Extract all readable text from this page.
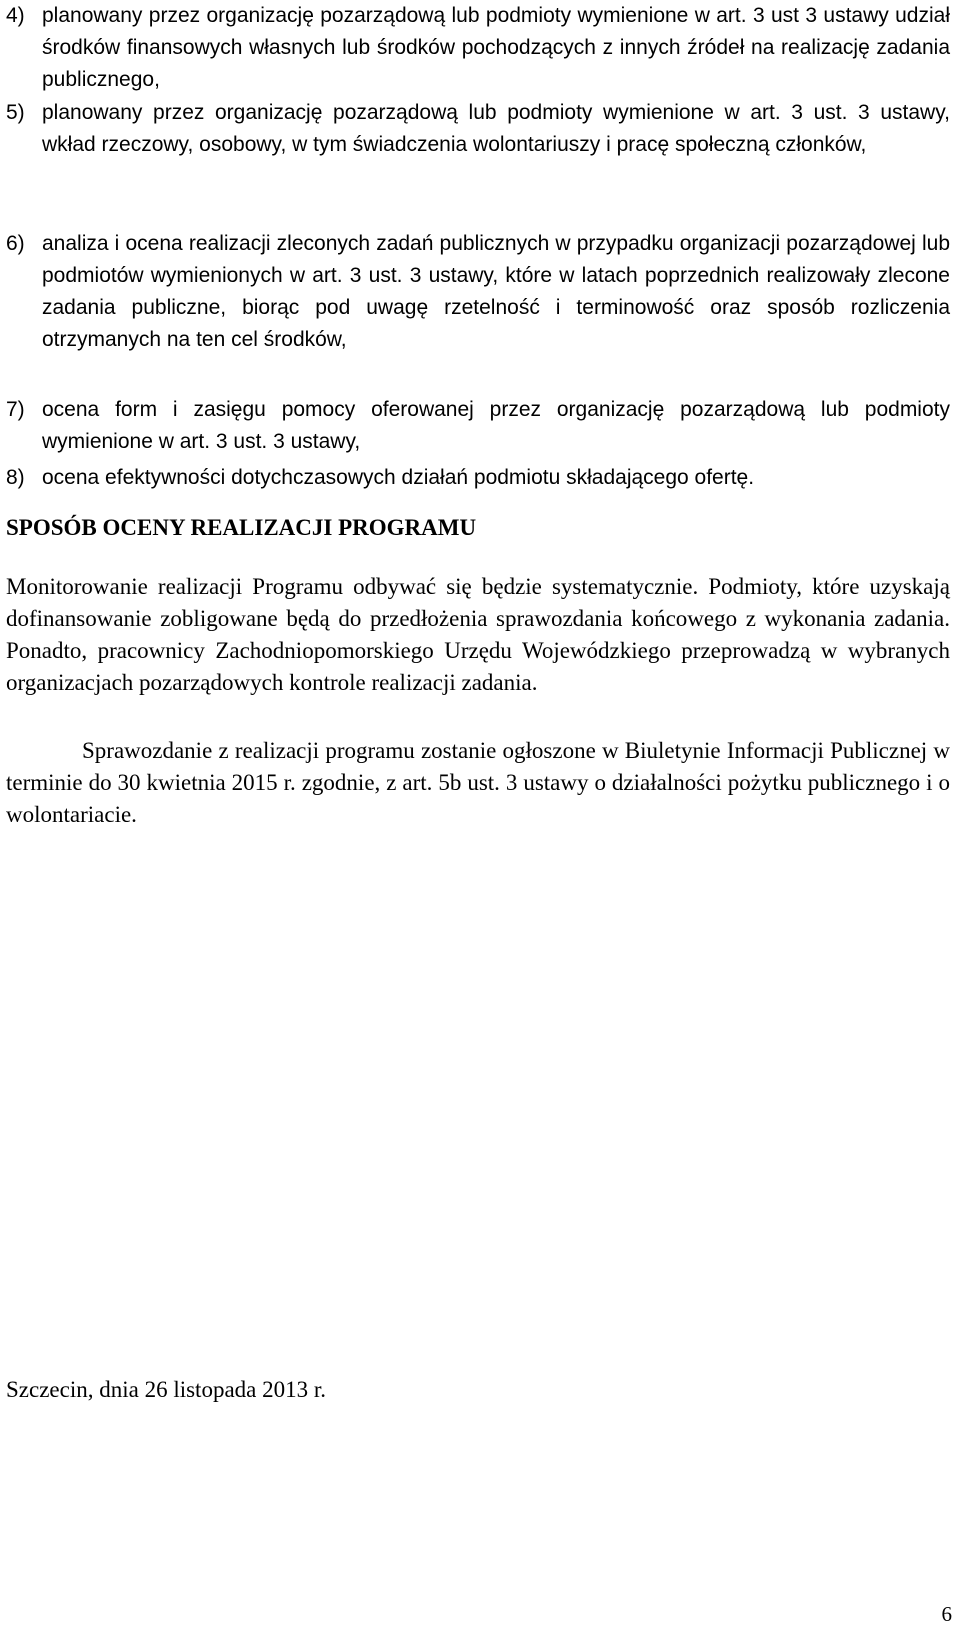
4) planowany przez organizację pozarządową lub podmioty wymienione w art. 3 ust 3 ustawy udział środków finansowych własnych lub środków pochodzących z innych źródeł na realizację zadania publicznego,
5) planowany przez organizację pozarządową lub podmioty wymienione w art. 3 ust. 3 ustawy, wkład rzeczowy, osobowy, w tym świadczenia wolontariuszy i pracę społeczną członków,
6) analiza i ocena realizacji zleconych zadań publicznych w przypadku organizacji pozarządowej lub podmiotów wymienionych w art. 3 ust. 3 ustawy, które w latach poprzednich realizowały zlecone zadania publiczne, biorąc pod uwagę rzetelność i terminowość oraz sposób rozliczenia otrzymanych na ten cel środków,
7) ocena form i zasięgu pomocy oferowanej przez organizację pozarządową lub podmioty wymienione w art. 3 ust. 3 ustawy,
8) ocena efektywności dotychczasowych działań podmiotu składającego ofertę.
SPOSÓB OCENY REALIZACJI PROGRAMU

Monitorowanie realizacji Programu odbywać się będzie systematycznie. Podmioty, które uzyskają dofinansowanie zobligowane będą do przedłożenia sprawozdania końcowego z wykonania zadania. Ponadto, pracownicy Zachodniopomorskiego Urzędu Wojewódzkiego przeprowadzą w wybranych organizacjach pozarządowych kontrole realizacji zadania.

Sprawozdanie z realizacji programu zostanie ogłoszone w Biuletynie Informacji Publicznej w terminie do 30 kwietnia 2015 r. zgodnie, z art. 5b ust. 3 ustawy o działalności pożytku publicznego i o wolontariacie.

Szczecin, dnia 26 listopada 2013 r.

6
